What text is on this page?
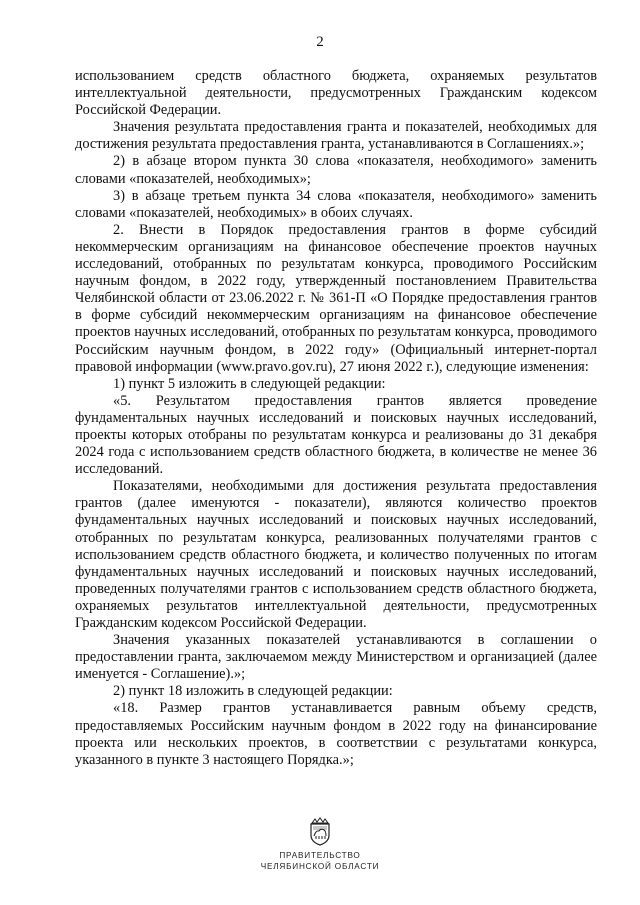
2

использованием средств областного бюджета, охраняемых результатов интеллектуальной деятельности, предусмотренных Гражданским кодексом Российской Федерации.

Значения результата предоставления гранта и показателей, необходимых для достижения результата предоставления гранта, устанавливаются в Соглашениях.»;

2) в абзаце втором пункта 30 слова «показателя, необходимого» заменить словами «показателей, необходимых»;

3) в абзаце третьем пункта 34 слова «показателя, необходимого» заменить словами «показателей, необходимых» в обоих случаях.

2. Внести в Порядок предоставления грантов в форме субсидий некоммерческим организациям на финансовое обеспечение проектов научных исследований, отобранных по результатам конкурса, проводимого Российским научным фондом, в 2022 году, утвержденный постановлением Правительства Челябинской области от 23.06.2022 г. № 361-П «О Порядке предоставления грантов в форме субсидий некоммерческим организациям на финансовое обеспечение проектов научных исследований, отобранных по результатам конкурса, проводимого Российским научным фондом, в 2022 году» (Официальный интернет-портал правовой информации (www.pravo.gov.ru), 27 июня 2022 г.), следующие изменения:

1) пункт 5 изложить в следующей редакции:

«5. Результатом предоставления грантов является проведение фундаментальных научных исследований и поисковых научных исследований, проекты которых отобраны по результатам конкурса и реализованы до 31 декабря 2024 года с использованием средств областного бюджета, в количестве не менее 36 исследований.

Показателями, необходимыми для достижения результата предоставления грантов (далее именуются - показатели), являются количество проектов фундаментальных научных исследований и поисковых научных исследований, отобранных по результатам конкурса, реализованных получателями грантов с использованием средств областного бюджета, и количество полученных по итогам фундаментальных научных исследований и поисковых научных исследований, проведенных получателями грантов с использованием средств областного бюджета, охраняемых результатов интеллектуальной деятельности, предусмотренных Гражданским кодексом Российской Федерации.

Значения указанных показателей устанавливаются в соглашении о предоставлении гранта, заключаемом между Министерством и организацией (далее именуется - Соглашение).»;

2) пункт 18 изложить в следующей редакции:

«18. Размер грантов устанавливается равным объему средств, предоставляемых Российским научным фондом в 2022 году на финансирование проекта или нескольких проектов, в соответствии с результатами конкурса, указанного в пункте 3 настоящего Порядка.»;

ПРАВИТЕЛЬСТВО
ЧЕЛЯБИНСКОЙ ОБЛАСТИ
